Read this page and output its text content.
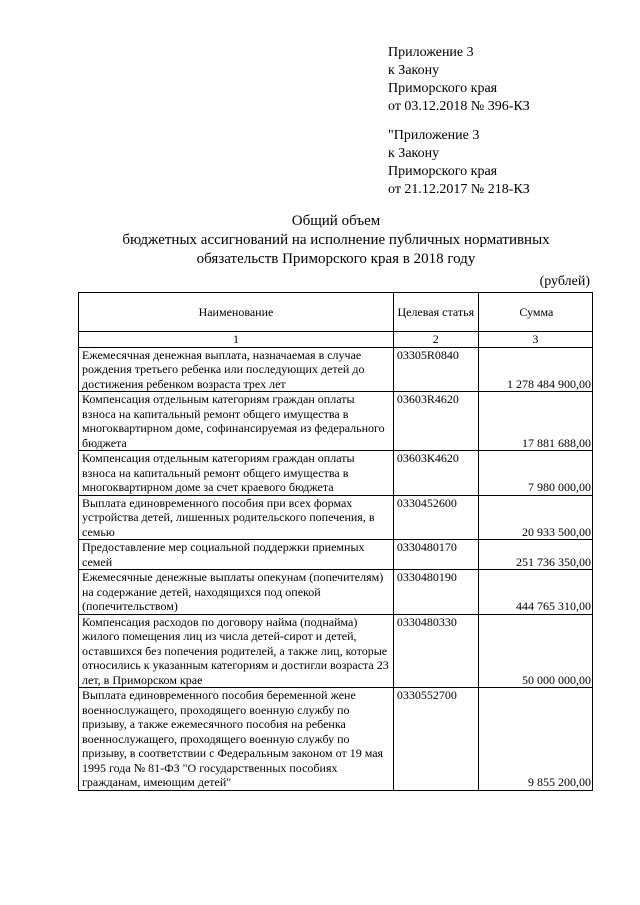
Приложение 3
к Закону
Приморского края
от 03.12.2018 № 396-КЗ
"Приложение 3
к Закону
Приморского края
от 21.12.2017 № 218-КЗ
Общий объем
бюджетных ассигнований на исполнение публичных нормативных
обязательств Приморского края в 2018 году
(рублей)
Наименование	Целевая статья	Сумма
1	2	3
Ежемесячная денежная выплата, назначаемая в случае рождения третьего ребенка или последующих детей до достижения ребенком возраста трех лет	03305R0840	1 278 484 900,00
Компенсация отдельным категориям граждан оплаты взноса на капитальный ремонт общего имущества в многоквартирном доме, софинансируемая из федерального бюджета	03603R4620	17 881 688,00
Компенсация отдельным категориям граждан оплаты взноса на капитальный ремонт общего имущества в многоквартирном доме за счет краевого бюджета	03603К4620	7 980 000,00
Выплата единовременного пособия при всех формах устройства детей, лишенных родительского попечения, в семью	0330452600	20 933 500,00
Предоставление мер социальной поддержки приемных семей	0330480170	251 736 350,00
Ежемесячные денежные выплаты опекунам (попечителям) на содержание детей, находящихся под опекой (попечительством)	0330480190	444 765 310,00
Компенсация расходов по договору найма (поднайма) жилого помещения лиц из числа детей-сирот и детей, оставшихся без попечения родителей, а также лиц, которые относились к указанным категориям и достигли возраста 23 лет, в Приморском крае	0330480330	50 000 000,00
Выплата единовременного пособия беременной жене военнослужащего, проходящего военную службу по призыву, а также ежемесячного пособия на ребенка военнослужащего, проходящего военную службу по призыву, в соответствии с Федеральным законом от 19 мая 1995 года № 81-ФЗ "О государственных пособиях гражданам, имеющим детей"	0330552700	9 855 200,00
